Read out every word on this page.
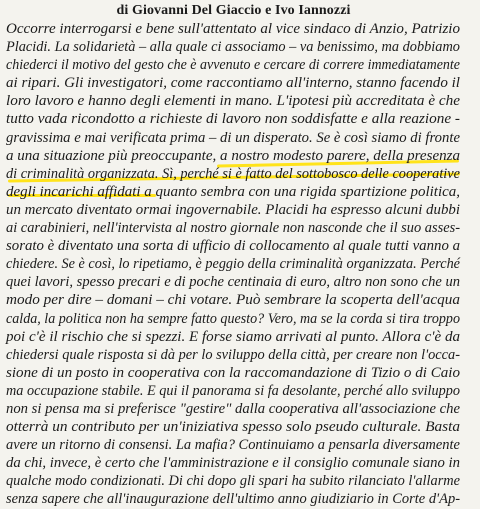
di Giovanni Del Giaccio e Ivo Iannozzi
Occorre interrogarsi e bene sull'attentato al vice sindaco di Anzio, Patrizio
Placidi. La solidarietà – alla quale ci associamo – va benissimo, ma dobbiamo
chiederci il motivo del gesto che è avvenuto e cercare di correre immediatamente
ai ripari. Gli investigatori, come raccontiamo all'interno, stanno facendo il
loro lavoro e hanno degli elementi in mano. L'ipotesi più accreditata è che
tutto vada ricondotto a richieste di lavoro non soddisfatte e alla reazione -
gravissima e mai verificata prima – di un disperato. Se è così siamo di fronte
a una situazione più preoccupante, a nostro modesto parere, della presenza
di criminalità organizzata. Sì, perché si è fatto del sottobosco delle cooperative
degli incarichi affidati a quanto sembra con una rigida spartizione politica,
un mercato diventato ormai ingovernabile. Placidi ha espresso alcuni dubbi
ai carabinieri, nell'intervista al nostro giornale non nasconde che il suo asses-
sorato è diventato una sorta di ufficio di collocamento al quale tutti vanno a
chiedere. Se è così, lo ripetiamo, è peggio della criminalità organizzata. Perché
quei lavori, spesso precari e di poche centinaia di euro, altro non sono che un
modo per dire – domani – chi votare. Può sembrare la scoperta dell'acqua
calda, la politica non ha sempre fatto questo? Vero, ma se la corda si tira troppo
poi c'è il rischio che si spezzi. E forse siamo arrivati al punto. Allora c'è da
chiedersi quale risposta si dà per lo sviluppo della città, per creare non l'occa-
sione di un posto in cooperativa con la raccomandazione di Tizio o di Caio
ma occupazione stabile. E qui il panorama si fa desolante, perché allo sviluppo
non si pensa ma si preferisce "gestire" dalla cooperativa all'associazione che
otterrà un contributo per un'iniziativa spesso solo pseudo culturale. Basta
avere un ritorno di consensi. La mafia? Continuiamo a pensarla diversamente
da chi, invece, è certo che l'amministrazione e il consiglio comunale siano in
qualche modo condizionati. Di chi dopo gli spari ha subito rilanciato l'allarme
senza sapere che all'inaugurazione dell'ultimo anno giudiziario in Corte d'Ap-
